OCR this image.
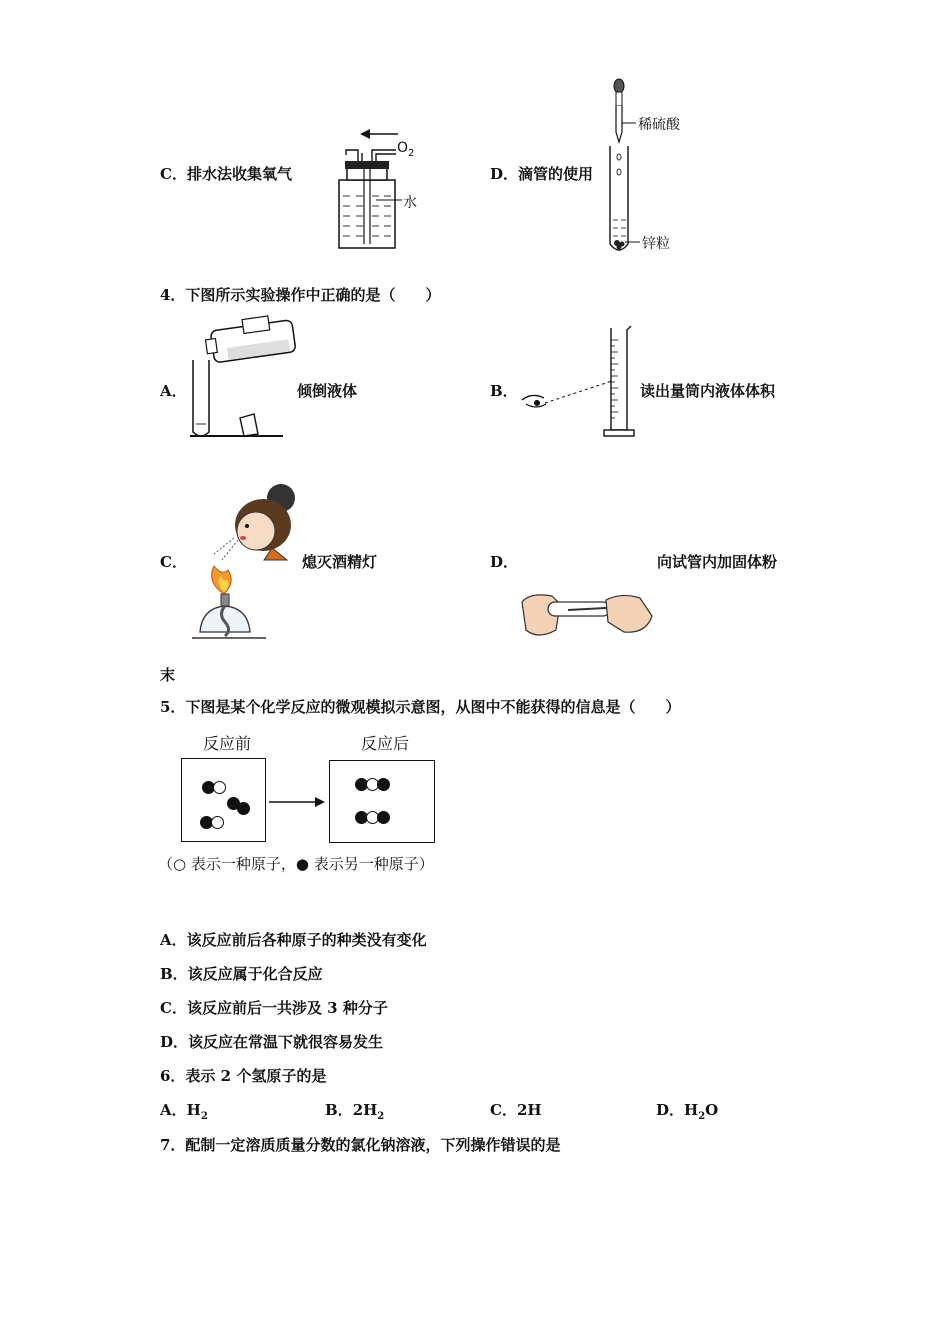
C．排水法收集氧气
$O_2$
水
D．滴管的使用
稀硫酸
锌粒
4．下图所示实验操作中正确的是（　　）
A．	倾倒液体	B．	读出量筒内液体体积
C．	熄灭酒精灯	D．	向试管内加固体粉
末
5．下图是某个化学反应的微观模拟示意图，从图中不能获得的信息是（　　）
反应前	反应后
（○ 表示一种原子，● 表示另一种原子）
A．该反应前后各种原子的种类没有变化
B．该反应属于化合反应
C．该反应前后一共涉及 3 种分子
D．该反应在常温下就很容易发生
6．表示 2 个氢原子的是
A．$H_2$	B．$2H_2$	C．2H	D．$H_2O$
7．配制一定溶质质量分数的氯化钠溶液，下列操作错误的是
